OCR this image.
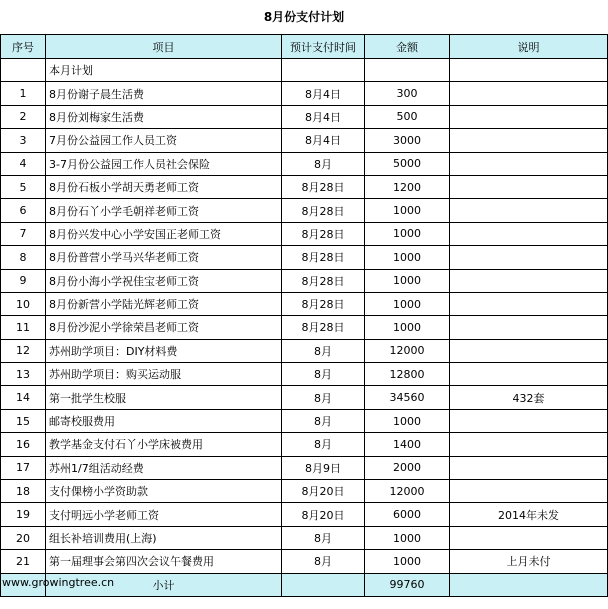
8月份支付计划
序号	项目	预计支付时间	金额	说明
	本月计划			
1	8月份谢子晨生活费	8月4日	300	
2	8月份刘梅家生活费	8月4日	500	
3	7月份公益园工作人员工资	8月4日	3000	
4	3-7月份公益园工作人员社会保险	8月	5000	
5	8月份石板小学胡天勇老师工资	8月28日	1200	
6	8月份石丫小学毛朝祥老师工资	8月28日	1000	
7	8月份兴发中心小学安国正老师工资	8月28日	1000	
8	8月份普营小学马兴华老师工资	8月28日	1000	
9	8月份小海小学祝佳宝老师工资	8月28日	1000	
10	8月份新营小学陆光辉老师工资	8月28日	1000	
11	8月份沙泥小学徐荣昌老师工资	8月28日	1000	
12	苏州助学项目：DIY材料费	8月	12000	
13	苏州助学项目：购买运动服	8月	12800	
14	第一批学生校服	8月	34560	432套
15	邮寄校服费用	8月	1000	
16	教学基金支付石丫小学床被费用	8月	1400	
17	苏州1/7组活动经费	8月9日	2000	
18	支付倮榜小学资助款	8月20日	12000	
19	支付明远小学老师工资	8月20日	6000	2014年未发
20	组长补培训费用(上海)	8月	1000	
21	第一届理事会第四次会议午餐费用	8月	1000	上月未付
	小计		99760	
www.growingtree.cn
